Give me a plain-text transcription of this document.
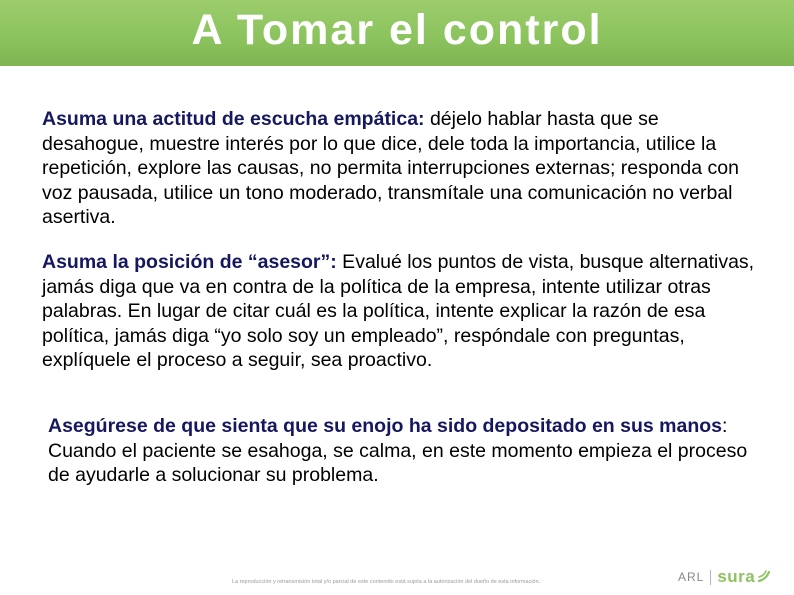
A Tomar el control

Asuma una actitud de escucha empática: déjelo hablar hasta que se desahogue, muestre interés por lo que dice, dele toda la importancia, utilice la repetición, explore las causas, no permita interrupciones externas; responda con voz pausada, utilice un tono moderado, transmítale una comunicación no verbal asertiva.

Asuma la posición de “asesor”: Evalué los puntos de vista, busque alternativas, jamás diga que va en contra de la política de la empresa, intente utilizar otras palabras. En lugar de citar cuál es la política, intente explicar la razón de esa política, jamás diga “yo solo soy un empleado”, respóndale con preguntas, explíquele el proceso a seguir, sea proactivo.

Asegúrese de que sienta que su enojo ha sido depositado en sus manos: Cuando el paciente se esahoga, se calma, en este momento empieza el proceso de ayudarle a solucionar su problema.

La reproducción y retransmisión total y/o parcial de este contenido está sujeta a la autorización del dueño de esta información.	ARL sura
